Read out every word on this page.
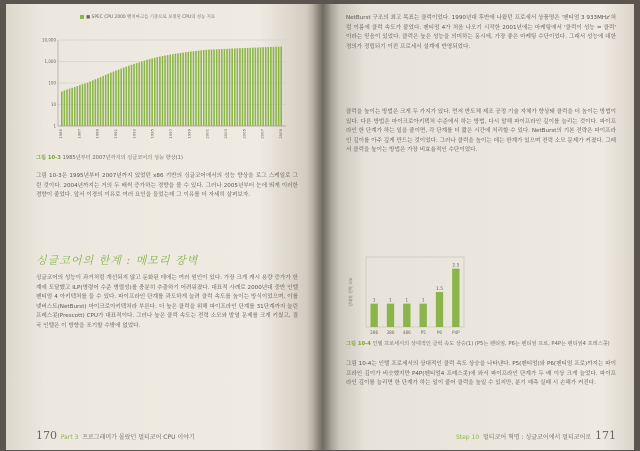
■ SPEC CPU 2000 벤치마크를 기준으로 보정된 CPU의 성능 지표
10,000
1,000
100
10
1
1985	1987	1989	1991	1993	1995	1997	1999	2001	2003	2005	2007	2009
그림 10-3 1985년부터 2007년까지의 싱글코어의 성능 향상(1)
그림 10-3은 1995년부터 2007년까지 있었던 x86 기반의 싱글코어에서의 성능 향상을 로그 스케일로 그린 것이다. 2004년까지는 거의 두 배씩 증가하는 경향을 볼 수 있다. 그러나 2005년부터 눈에 띄게 이러한 경향이 줄었다. 앞서 이경의 이유로 여러 요인을 들었는데 그 이유를 더 자세히 살펴보자.
싱글코어의 한계 : 메모리 장벽
싱글코어의 성능이 과거처럼 개선되지 않고 둔화된 데에는 여러 원인이 있다. 가장 크게 캐시 용량 증가가 한계에 도달했고 ILP(명령어 수준 병렬성)를 충분히 추출하기 어려워졌다. 대표적 사례로 2000년대 중반 인텔 펜티엄 4 아키텍처를 들 수 있다. 파이프라인 단계를 과도하게 늘려 클럭 속도를 높이는 방식이었으며, 이를 넷버스트(NetBurst) 마이크로아키텍처라 부른다. 더 높은 클럭을 위해 파이프라인 단계를 31단계까지 늘린 프레스콧(Prescott) CPU가 대표적이다. 그러나 높은 클럭 속도는 전력 소모와 발열 문제를 크게 키웠고, 결국 인텔은 이 방향을 포기할 수밖에 없었다.
170 Part 3 프로그래머가 몰랐던 멀티코어 CPU 이야기
NetBurst 구조의 최고 목표는 클럭이었다. 1990년대 후반에 나왔던 프로세서 상품명은 '펜티엄 3 933MHz'처럼 이름에 클럭 속도가 붙었다. 펜티엄 4가 처음 나오기 시작한 2001년에는 마케팅에서 '클럭이 성능 = 클럭' 이라는 믿음이 있었다. 클럭은 높은 성능을 의미하는 동시에, 가장 좋은 마케팅 수단이었다. 그래서 성능에 대한 정의가 정립되기 이전 프로세서 설계에 반영되었다.
클럭을 높이는 방법은 크게 두 가지가 있다. 먼저 반도체 제조 공정 기술 자체가 향상돼 클럭을 더 높이는 방법이 있다. 다른 방법은 마이크로아키텍처 수준에서 하는 방법, 다시 말해 파이프라인 깊이를 늘리는 것이다. 파이프라인 한 단계가 하는 일을 줄이면, 각 단계를 더 짧은 시간에 처리할 수 있다. NetBurst의 기본 전략은 파이프라인 깊이를 아주 깊게 만드는 것이었다. 그러나 클럭을 높이는 데는 한계가 있으며 전력 소모 문제가 커졌다. 그래서 클럭을 높이는 방법은 가장 비효율적인 수단이었다.
상대적 전력 소모	1
286
1
386
1
486
1
P5
1.5
P6
2.5
P4P
그림 10-4 인텔 프로세서의 상대적인 클럭 속도 상승(1) (P5는 펜티엄, P6는 펜티엄 프로, P4P는 펜티엄4 프레스콧)
그림 10-4는 인텔 프로세서의 상대적인 클럭 속도 상승을 나타낸다. P5(펜티엄)와 P6(펜티엄 프로)까지는 파이프라인 깊이가 비슷했지만 P4P(펜티엄4 프레스콧)에 와서 파이프라인 단계가 두 배 이상 크게 늘었다. 파이프라인 깊이를 늘리면 한 단계가 하는 일이 줄어 클럭을 높일 수 있지만, 분기 예측 실패 시 손해가 커진다.
Step 10 멀티코어 혁명 : 싱글코어에서 멀티코어로 171
